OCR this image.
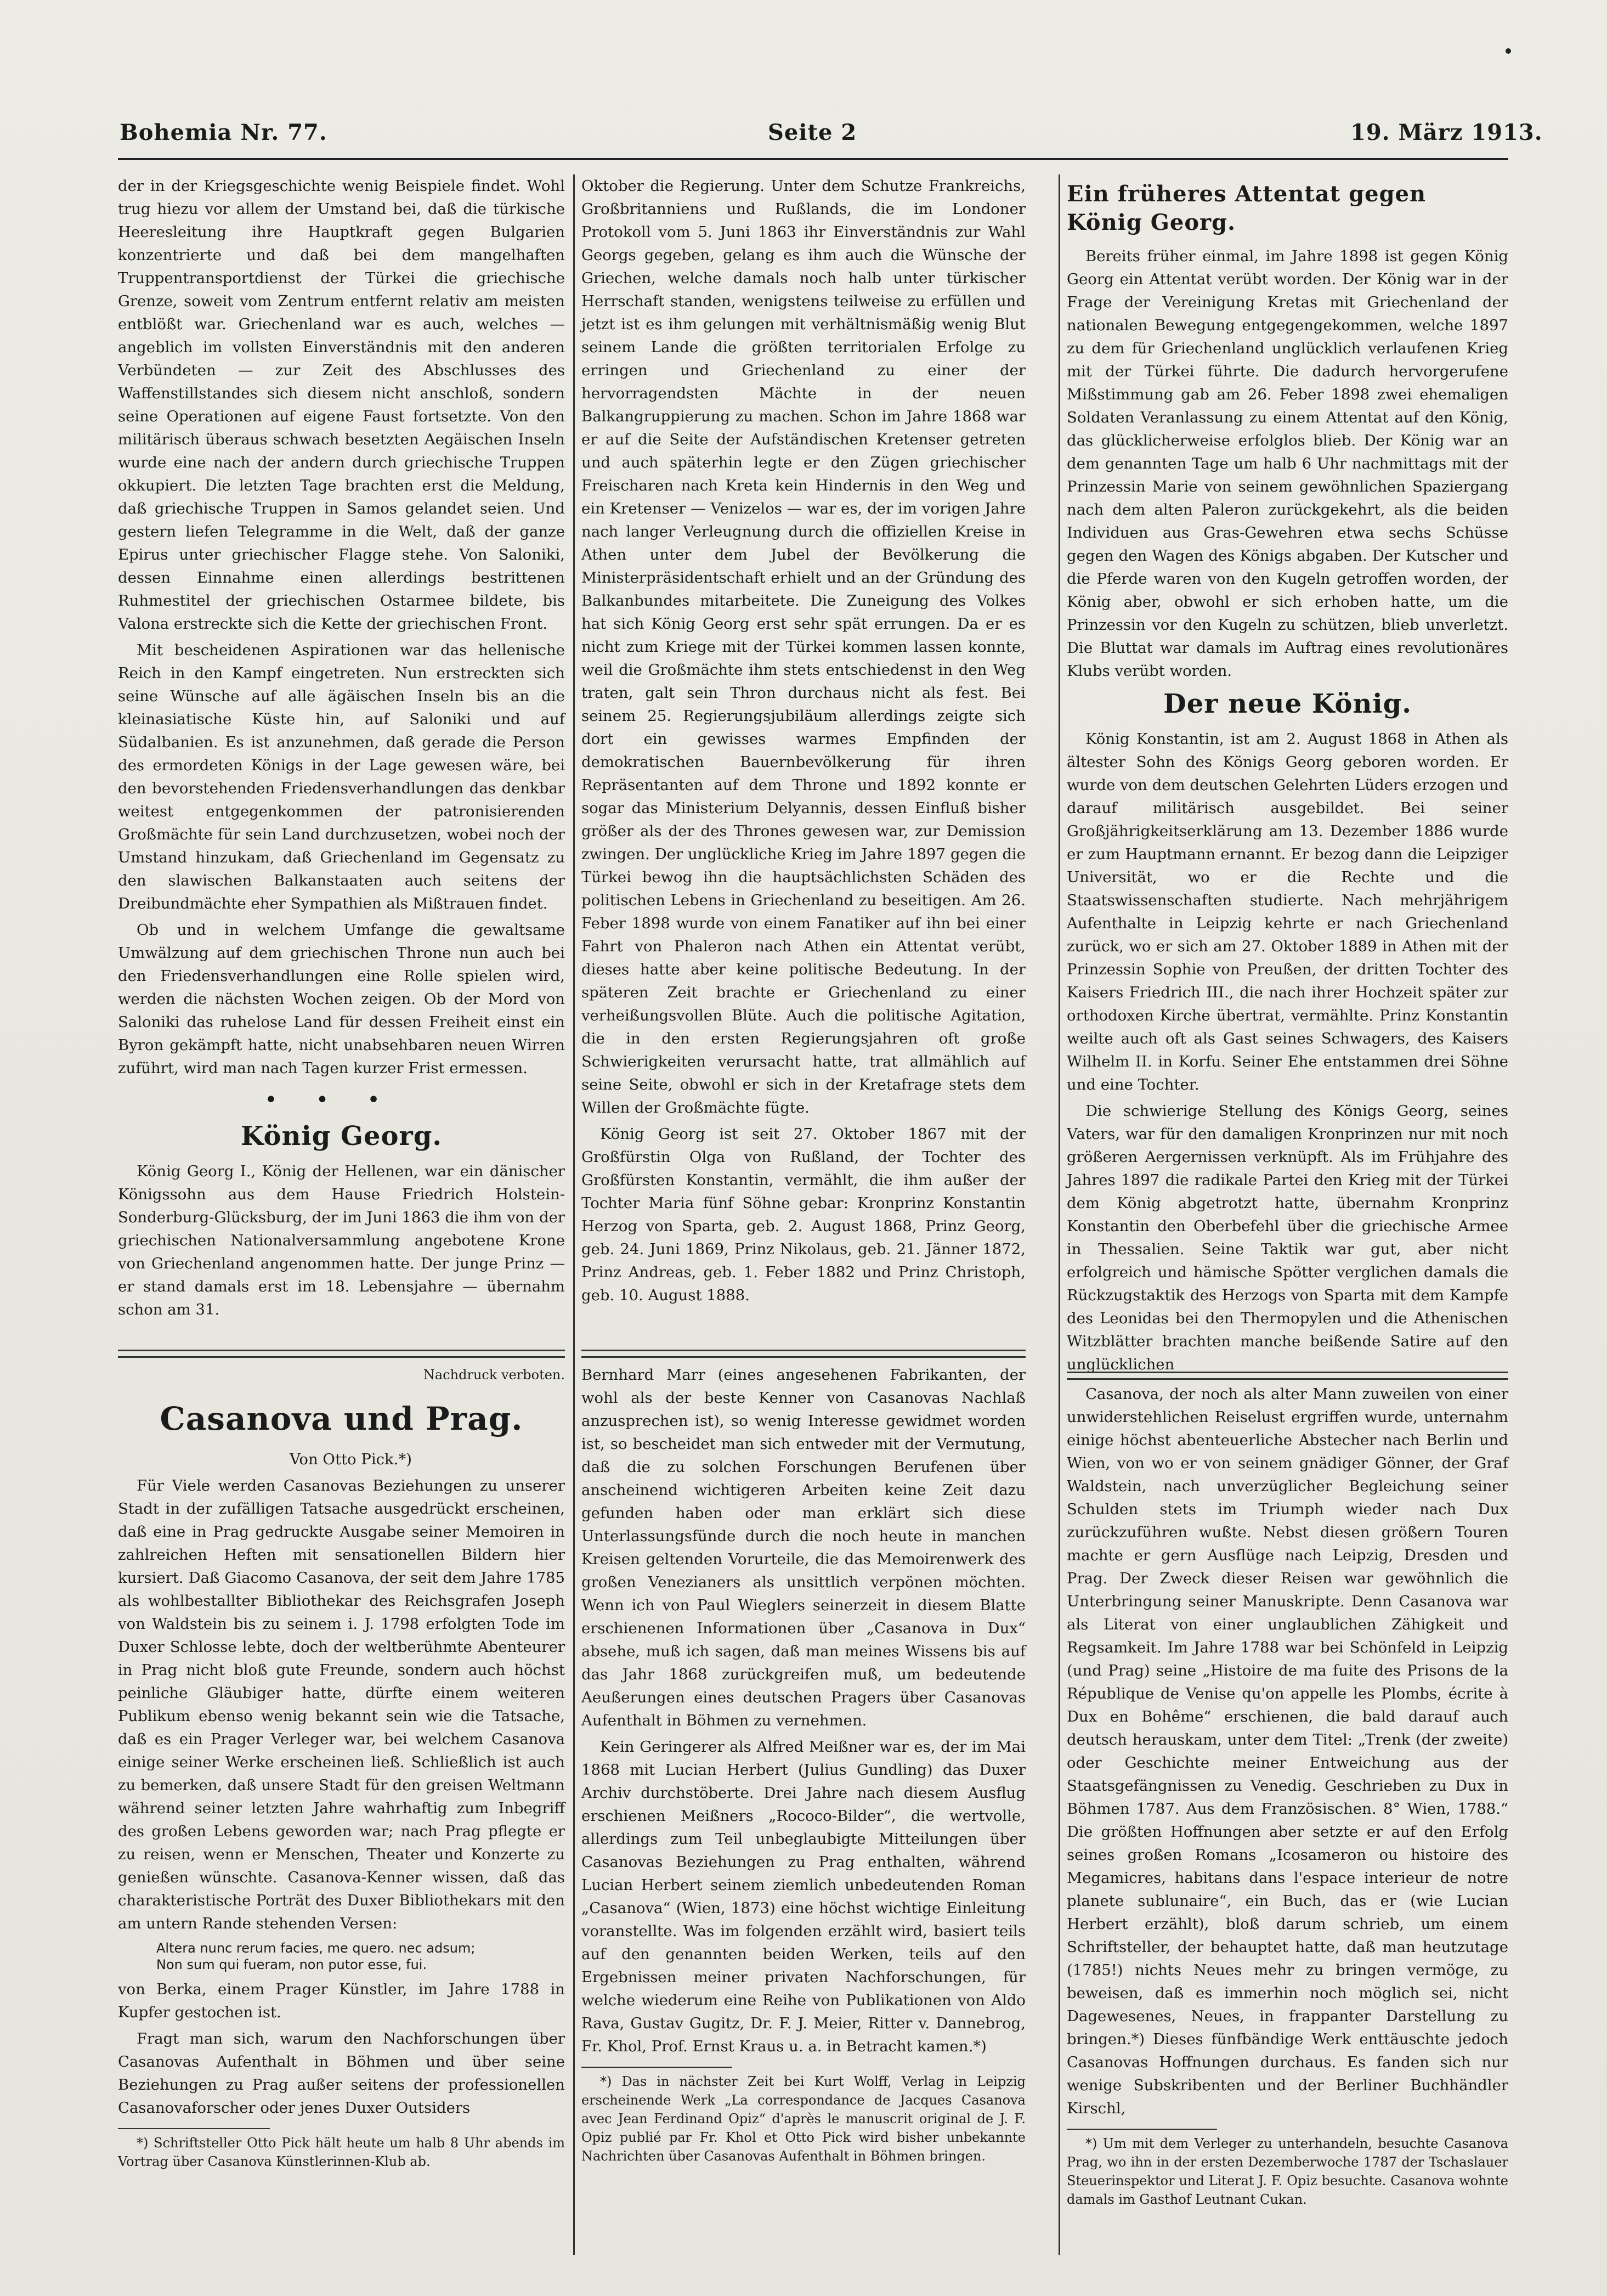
Bohemia Nr. 77.	Seite 2	19. März 1913.

der in der Kriegsgeschichte wenig Beispiele findet. Wohl trug hiezu vor allem der Umstand bei, daß die türkische Heeresleitung ihre Hauptkraft gegen Bulgarien konzentrierte und daß bei dem mangelhaften Truppentransportdienst der Türkei die griechische Grenze, soweit vom Zentrum entfernt relativ am meisten entblößt war. Griechenland war es auch, welches — angeblich im vollsten Einverständnis mit den anderen Verbündeten — zur Zeit des Abschlusses des Waffenstillstandes sich diesem nicht anschloß, sondern seine Operationen auf eigene Faust fortsetzte. Von den militärisch überaus schwach besetzten Aegäischen Inseln wurde eine nach der andern durch griechische Truppen okkupiert. Die letzten Tage brachten erst die Meldung, daß griechische Truppen in Samos gelandet seien. Und gestern liefen Telegramme in die Welt, daß der ganze Epirus unter griechischer Flagge stehe. Von Saloniki, dessen Einnahme einen allerdings bestrittenen Ruhmestitel der griechischen Ostarmee bildete, bis Valona erstreckte sich die Kette der griechischen Front.

Mit bescheidenen Aspirationen war das hellenische Reich in den Kampf eingetreten. Nun erstreckten sich seine Wünsche auf alle ägäischen Inseln bis an die kleinasiatische Küste hin, auf Saloniki und auf Südalbanien. Es ist anzunehmen, daß gerade die Person des ermordeten Königs in der Lage gewesen wäre, bei den bevorstehenden Friedensverhandlungen das denkbar weitest entgegenkommen der patronisierenden Großmächte für sein Land durchzusetzen, wobei noch der Umstand hinzukam, daß Griechenland im Gegensatz zu den slawischen Balkanstaaten auch seitens der Dreibundmächte eher Sympathien als Mißtrauen findet.

Ob und in welchem Umfange die gewaltsame Umwälzung auf dem griechischen Throne nun auch bei den Friedensverhandlungen eine Rolle spielen wird, werden die nächsten Wochen zeigen. Ob der Mord von Saloniki das ruhelose Land für dessen Freiheit einst ein Byron gekämpft hatte, nicht unabsehbaren neuen Wirren zuführt, wird man nach Tagen kurzer Frist ermessen.

•••
König Georg.

König Georg I., König der Hellenen, war ein dänischer Königssohn aus dem Hause Friedrich Holstein-Sonderburg-Glücksburg, der im Juni 1863 die ihm von der griechischen Nationalversammlung angebotene Krone von Griechenland angenommen hatte. Der junge Prinz — er stand damals erst im 18. Lebensjahre — übernahm schon am 31.

Oktober die Regierung. Unter dem Schutze Frankreichs, Großbritanniens und Rußlands, die im Londoner Protokoll vom 5. Juni 1863 ihr Einverständnis zur Wahl Georgs gegeben, gelang es ihm auch die Wünsche der Griechen, welche damals noch halb unter türkischer Herrschaft standen, wenigstens teilweise zu erfüllen und jetzt ist es ihm gelungen mit verhältnismäßig wenig Blut seinem Lande die größten territorialen Erfolge zu erringen und Griechenland zu einer der hervorragendsten Mächte in der neuen Balkangruppierung zu machen. Schon im Jahre 1868 war er auf die Seite der Aufständischen Kretenser getreten und auch späterhin legte er den Zügen griechischer Freischaren nach Kreta kein Hindernis in den Weg und ein Kretenser — Venizelos — war es, der im vorigen Jahre nach langer Verleugnung durch die offiziellen Kreise in Athen unter dem Jubel der Bevölkerung die Ministerpräsidentschaft erhielt und an der Gründung des Balkanbundes mitarbeitete. Die Zuneigung des Volkes hat sich König Georg erst sehr spät errungen. Da er es nicht zum Kriege mit der Türkei kommen lassen konnte, weil die Großmächte ihm stets entschiedenst in den Weg traten, galt sein Thron durchaus nicht als fest. Bei seinem 25. Regierungsjubiläum allerdings zeigte sich dort ein gewisses warmes Empfinden der demokratischen Bauernbevölkerung für ihren Repräsentanten auf dem Throne und 1892 konnte er sogar das Ministerium Delyannis, dessen Einfluß bisher größer als der des Thrones gewesen war, zur Demission zwingen. Der unglückliche Krieg im Jahre 1897 gegen die Türkei bewog ihn die hauptsächlichsten Schäden des politischen Lebens in Griechenland zu beseitigen. Am 26. Feber 1898 wurde von einem Fanatiker auf ihn bei einer Fahrt von Phaleron nach Athen ein Attentat verübt, dieses hatte aber keine politische Bedeutung. In der späteren Zeit brachte er Griechenland zu einer verheißungsvollen Blüte. Auch die politische Agitation, die in den ersten Regierungsjahren oft große Schwierigkeiten verursacht hatte, trat allmählich auf seine Seite, obwohl er sich in der Kretafrage stets dem Willen der Großmächte fügte.

König Georg ist seit 27. Oktober 1867 mit der Großfürstin Olga von Rußland, der Tochter des Großfürsten Konstantin, vermählt, die ihm außer der Tochter Maria fünf Söhne gebar: Kronprinz Konstantin Herzog von Sparta, geb. 2. August 1868, Prinz Georg, geb. 24. Juni 1869, Prinz Nikolaus, geb. 21. Jänner 1872, Prinz Andreas, geb. 1. Feber 1882 und Prinz Christoph, geb. 10. August 1888.

Ein früheres Attentat gegen König Georg.

Bereits früher einmal, im Jahre 1898 ist gegen König Georg ein Attentat verübt worden. Der König war in der Frage der Vereinigung Kretas mit Griechenland der nationalen Bewegung entgegengekommen, welche 1897 zu dem für Griechenland unglücklich verlaufenen Krieg mit der Türkei führte. Die dadurch hervorgerufene Mißstimmung gab am 26. Feber 1898 zwei ehemaligen Soldaten Veranlassung zu einem Attentat auf den König, das glücklicherweise erfolglos blieb. Der König war an dem genannten Tage um halb 6 Uhr nachmittags mit der Prinzessin Marie von seinem gewöhnlichen Spaziergang nach dem alten Paleron zurückgekehrt, als die beiden Individuen aus Gras-Gewehren etwa sechs Schüsse gegen den Wagen des Königs abgaben. Der Kutscher und die Pferde waren von den Kugeln getroffen worden, der König aber, obwohl er sich erhoben hatte, um die Prinzessin vor den Kugeln zu schützen, blieb unverletzt. Die Bluttat war damals im Auftrag eines revolutionäres Klubs verübt worden.

Der neue König.

König Konstantin, ist am 2. August 1868 in Athen als ältester Sohn des Königs Georg geboren worden. Er wurde von dem deutschen Gelehrten Lüders erzogen und darauf militärisch ausgebildet. Bei seiner Großjährigkeitserklärung am 13. Dezember 1886 wurde er zum Hauptmann ernannt. Er bezog dann die Leipziger Universität, wo er die Rechte und die Staatswissenschaften studierte. Nach mehrjährigem Aufenthalte in Leipzig kehrte er nach Griechenland zurück, wo er sich am 27. Oktober 1889 in Athen mit der Prinzessin Sophie von Preußen, der dritten Tochter des Kaisers Friedrich III., die nach ihrer Hochzeit später zur orthodoxen Kirche übertrat, vermählte. Prinz Konstantin weilte auch oft als Gast seines Schwagers, des Kaisers Wilhelm II. in Korfu. Seiner Ehe entstammen drei Söhne und eine Tochter.

Die schwierige Stellung des Königs Georg, seines Vaters, war für den damaligen Kronprinzen nur mit noch größeren Aergernissen verknüpft. Als im Frühjahre des Jahres 1897 die radikale Partei den Krieg mit der Türkei dem König abgetrotzt hatte, übernahm Kronprinz Konstantin den Oberbefehl über die griechische Armee in Thessalien. Seine Taktik war gut, aber nicht erfolgreich und hämische Spötter verglichen damals die Rückzugstaktik des Herzogs von Sparta mit dem Kampfe des Leonidas bei den Thermopylen und die Athenischen Witzblätter brachten manche beißende Satire auf den unglücklichen

Nachdruck verboten.

Casanova und Prag.

Von Otto Pick.*)

Für Viele werden Casanovas Beziehungen zu unserer Stadt in der zufälligen Tatsache ausgedrückt erscheinen, daß eine in Prag gedruckte Ausgabe seiner Memoiren in zahlreichen Heften mit sensationellen Bildern hier kursiert. Daß Giacomo Casanova, der seit dem Jahre 1785 als wohlbestallter Bibliothekar des Reichsgrafen Joseph von Waldstein bis zu seinem i. J. 1798 erfolgten Tode im Duxer Schlosse lebte, doch der weltberühmte Abenteurer in Prag nicht bloß gute Freunde, sondern auch höchst peinliche Gläubiger hatte, dürfte einem weiteren Publikum ebenso wenig bekannt sein wie die Tatsache, daß es ein Prager Verleger war, bei welchem Casanova einige seiner Werke erscheinen ließ. Schließlich ist auch zu bemerken, daß unsere Stadt für den greisen Weltmann während seiner letzten Jahre wahrhaftig zum Inbegriff des großen Lebens geworden war; nach Prag pflegte er zu reisen, wenn er Menschen, Theater und Konzerte zu genießen wünschte. Casanova-Kenner wissen, daß das charakteristische Porträt des Duxer Bibliothekars mit den am untern Rande stehenden Versen:

Altera nunc rerum facies, me quero. nec adsum;

Non sum qui fueram, non putor esse, fui.

von Berka, einem Prager Künstler, im Jahre 1788 in Kupfer gestochen ist.

Fragt man sich, warum den Nachforschungen über Casanovas Aufenthalt in Böhmen und über seine Beziehungen zu Prag außer seitens der professionellen Casanovaforscher oder jenes Duxer Outsiders

*) Schriftsteller Otto Pick hält heute um halb 8 Uhr abends im Vortrag über Casanova Künstlerinnen-Klub ab.

Bernhard Marr (eines angesehenen Fabrikanten, der wohl als der beste Kenner von Casanovas Nachlaß anzusprechen ist), so wenig Interesse gewidmet worden ist, so bescheidet man sich entweder mit der Vermutung, daß die zu solchen Forschungen Berufenen über anscheinend wichtigeren Arbeiten keine Zeit dazu gefunden haben oder man erklärt sich diese Unterlassungsfünde durch die noch heute in manchen Kreisen geltenden Vorurteile, die das Memoirenwerk des großen Venezianers als unsittlich verpönen möchten. Wenn ich von Paul Wieglers seinerzeit in diesem Blatte erschienenen Informationen über „Casanova in Dux“ absehe, muß ich sagen, daß man meines Wissens bis auf das Jahr 1868 zurückgreifen muß, um bedeutende Aeußerungen eines deutschen Pragers über Casanovas Aufenthalt in Böhmen zu vernehmen.

Kein Geringerer als Alfred Meißner war es, der im Mai 1868 mit Lucian Herbert (Julius Gundling) das Duxer Archiv durchstöberte. Drei Jahre nach diesem Ausflug erschienen Meißners „Rococo-Bilder“, die wertvolle, allerdings zum Teil unbeglaubigte Mitteilungen über Casanovas Beziehungen zu Prag enthalten, während Lucian Herbert seinem ziemlich unbedeutenden Roman „Casanova“ (Wien, 1873) eine höchst wichtige Einleitung voranstellte. Was im folgenden erzählt wird, basiert teils auf den genannten beiden Werken, teils auf den Ergebnissen meiner privaten Nachforschungen, für welche wiederum eine Reihe von Publikationen von Aldo Rava, Gustav Gugitz, Dr. F. J. Meier, Ritter v. Dannebrog, Fr. Khol, Prof. Ernst Kraus u. a. in Betracht kamen.*)

*) Das in nächster Zeit bei Kurt Wolff, Verlag in Leipzig erscheinende Werk „La correspondance de Jacques Casanova avec Jean Ferdinand Opiz“ d'après le manuscrit original de J. F. Opiz publié par Fr. Khol et Otto Pick wird bisher unbekannte Nachrichten über Casanovas Aufenthalt in Böhmen bringen.

Casanova, der noch als alter Mann zuweilen von einer unwiderstehlichen Reiselust ergriffen wurde, unternahm einige höchst abenteuerliche Abstecher nach Berlin und Wien, von wo er von seinem gnädiger Gönner, der Graf Waldstein, nach unverzüglicher Begleichung seiner Schulden stets im Triumph wieder nach Dux zurückzuführen wußte. Nebst diesen größern Touren machte er gern Ausflüge nach Leipzig, Dresden und Prag. Der Zweck dieser Reisen war gewöhnlich die Unterbringung seiner Manuskripte. Denn Casanova war als Literat von einer unglaublichen Zähigkeit und Regsamkeit. Im Jahre 1788 war bei Schönfeld in Leipzig (und Prag) seine „Histoire de ma fuite des Prisons de la République de Venise qu'on appelle les Plombs, écrite à Dux en Bohême“ erschienen, die bald darauf auch deutsch herauskam, unter dem Titel: „Trenk (der zweite) oder Geschichte meiner Entweichung aus der Staatsgefängnissen zu Venedig. Geschrieben zu Dux in Böhmen 1787. Aus dem Französischen. 8° Wien, 1788.“ Die größten Hoffnungen aber setzte er auf den Erfolg seines großen Romans „Icosameron ou histoire des Megamicres, habitans dans l'espace interieur de notre planete sublunaire“, ein Buch, das er (wie Lucian Herbert erzählt), bloß darum schrieb, um einem Schriftsteller, der behauptet hatte, daß man heutzutage (1785!) nichts Neues mehr zu bringen vermöge, zu beweisen, daß es immerhin noch möglich sei, nicht Dagewesenes, Neues, in frappanter Darstellung zu bringen.*) Dieses fünfbändige Werk enttäuschte jedoch Casanovas Hoffnungen durchaus. Es fanden sich nur wenige Subskribenten und der Berliner Buchhändler Kirschl,

*) Um mit dem Verleger zu unterhandeln, besuchte Casanova Prag, wo ihn in der ersten Dezemberwoche 1787 der Tschaslauer Steuerinspektor und Literat J. F. Opiz besuchte. Casanova wohnte damals im Gasthof Leutnant Cukan.
